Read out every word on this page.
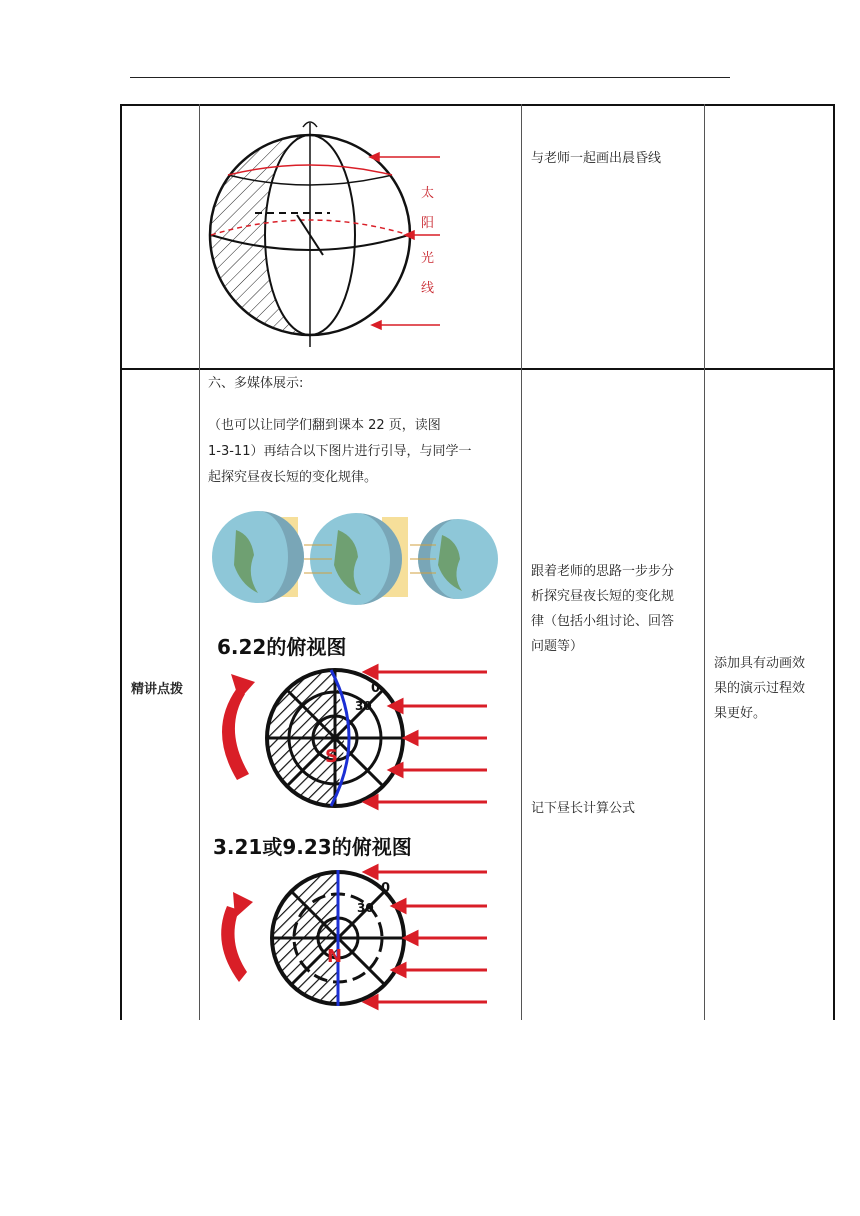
太
阳
光
线
与老师一起画出晨昏线
精讲点拨
六、多媒体展示:
（也可以让同学们翻到课本 22 页，读图
1-3-11）再结合以下图片进行引导，与同学一
起探究昼夜长短的变化规律。
跟着老师的思路一步步分
析探究昼夜长短的变化规
律（包括小组讨论、回答
问题等）
记下昼长计算公式
添加具有动画效
果的演示过程效
果更好。
6.22的俯视图
S
0
30
3.21或9.23的俯视图
N
0
30
